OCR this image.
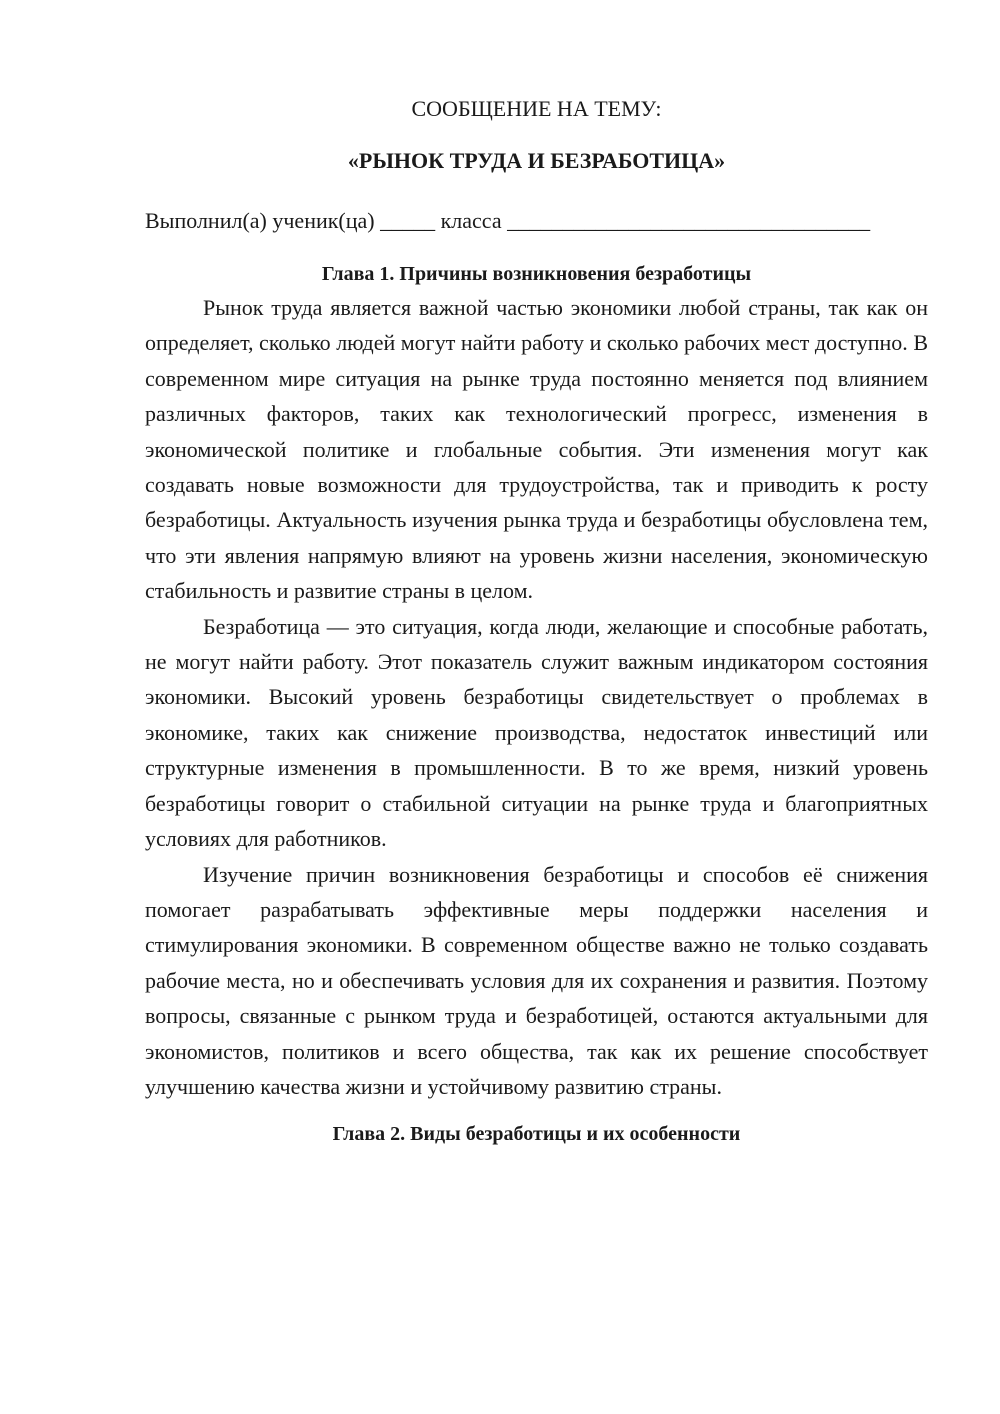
СООБЩЕНИЕ НА ТЕМУ:
«РЫНОК ТРУДА И БЕЗРАБОТИЦА»
Выполнил(а) ученик(ца) _____ класса _________________________________
Глава 1. Причины возникновения безработицы

Рынок труда является важной частью экономики любой страны, так как он определяет, сколько людей могут найти работу и сколько рабочих мест доступно. В современном мире ситуация на рынке труда постоянно меняется под влиянием различных факторов, таких как технологический прогресс, изменения в экономической политике и глобальные события. Эти изменения могут как создавать новые возможности для трудоустройства, так и приводить к росту безработицы. Актуальность изучения рынка труда и безработицы обусловлена тем, что эти явления напрямую влияют на уровень жизни населения, экономическую стабильность и развитие страны в целом.

Безработица — это ситуация, когда люди, желающие и способные работать, не могут найти работу. Этот показатель служит важным индикатором состояния экономики. Высокий уровень безработицы свидетельствует о проблемах в экономике, таких как снижение производства, недостаток инвестиций или структурные изменения в промышленности. В то же время, низкий уровень безработицы говорит о стабильной ситуации на рынке труда и благоприятных условиях для работников.

Изучение причин возникновения безработицы и способов её снижения помогает разрабатывать эффективные меры поддержки населения и стимулирования экономики. В современном обществе важно не только создавать рабочие места, но и обеспечивать условия для их сохранения и развития. Поэтому вопросы, связанные с рынком труда и безработицей, остаются актуальными для экономистов, политиков и всего общества, так как их решение способствует улучшению качества жизни и устойчивому развитию страны.

Глава 2. Виды безработицы и их особенности
